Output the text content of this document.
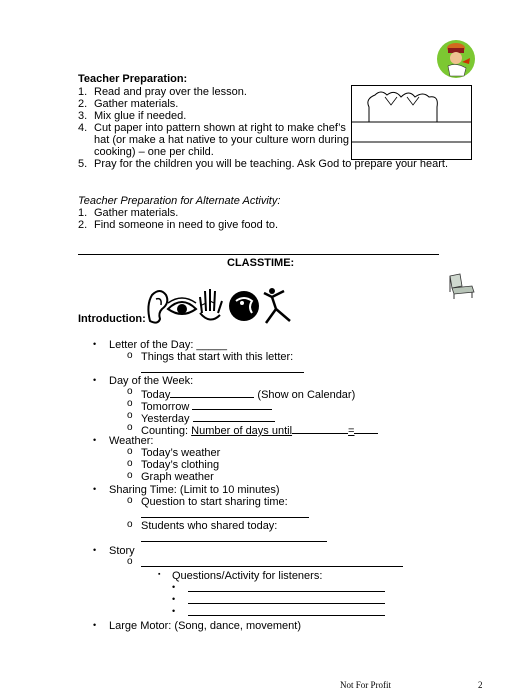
Teacher Preparation:
1. Read and pray over the lesson.
2. Gather materials.
3. Mix glue if needed.
4. Cut paper into pattern shown at right to make chef’s
hat (or make a hat native to your culture worn during
cooking) – one per child.
5. Pray for the children you will be teaching. Ask God to prepare your heart.
Teacher Preparation for Alternate Activity:
1. Gather materials.
2. Find someone in need to give food to.
CLASSTIME:
Introduction:
• Letter of the Day: _____
o Things that start with this letter:
• Day of the Week:
o Today	(Show on Calendar)
o Tomorrow
o Yesterday
o Counting: Number of days until	=
• Weather:
o Today’s weather
o Today’s clothing
o Graph weather
• Sharing Time: (Limit to 10 minutes)
o Question to start sharing time:
o Students who shared today:
• Story
o
▪ Questions/Activity for listeners:
•
•
•
• Large Motor: (Song, dance, movement)
Not For Profit	2
